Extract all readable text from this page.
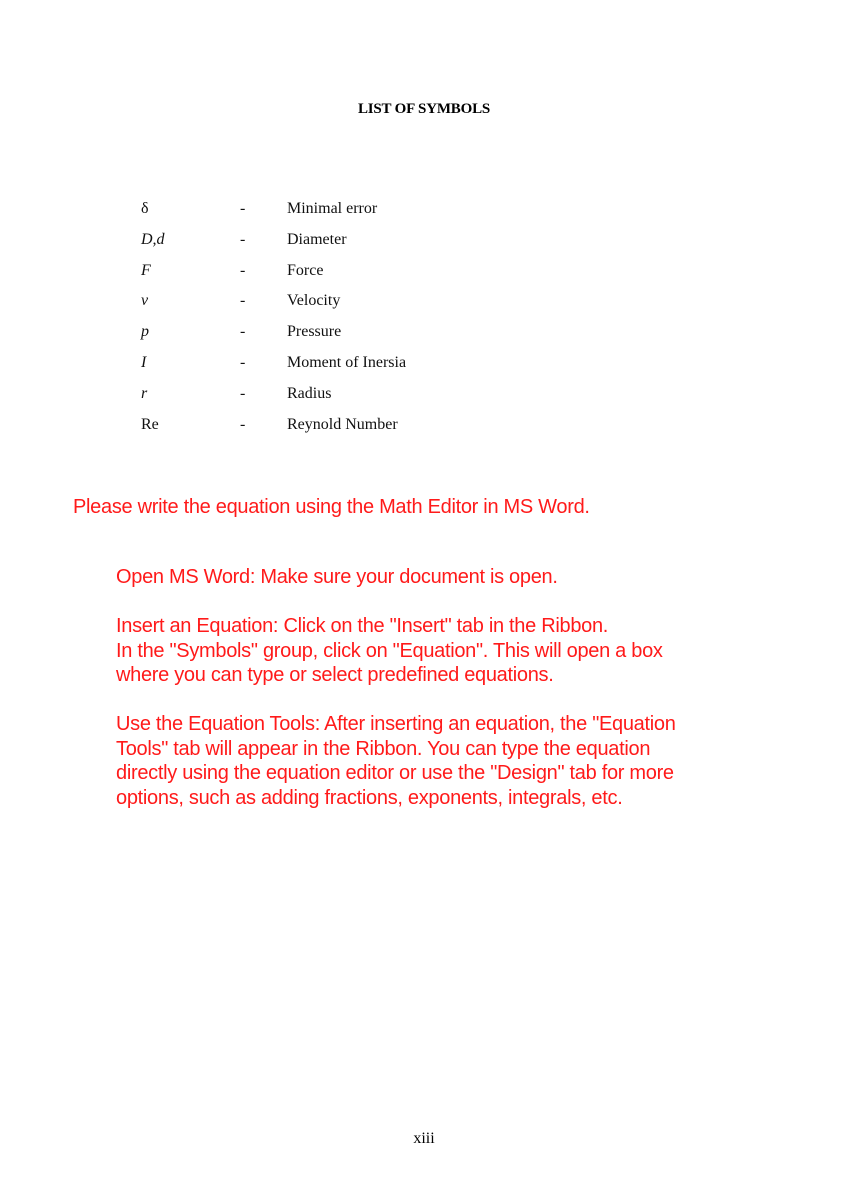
LIST OF SYMBOLS
δ	-	Minimal error
D,d	-	Diameter
F	-	Force
v	-	Velocity
p	-	Pressure
I	-	Moment of Inersia
r	-	Radius
Re	-	Reynold Number
Please write the equation using the Math Editor in MS Word.

Open MS Word: Make sure your document is open.

Insert an Equation: Click on the "Insert" tab in the Ribbon.
In the "Symbols" group, click on "Equation". This will open a box
where you can type or select predefined equations.

Use the Equation Tools: After inserting an equation, the "Equation
Tools" tab will appear in the Ribbon. You can type the equation
directly using the equation editor or use the "Design" tab for more
options, such as adding fractions, exponents, integrals, etc.

xiii
